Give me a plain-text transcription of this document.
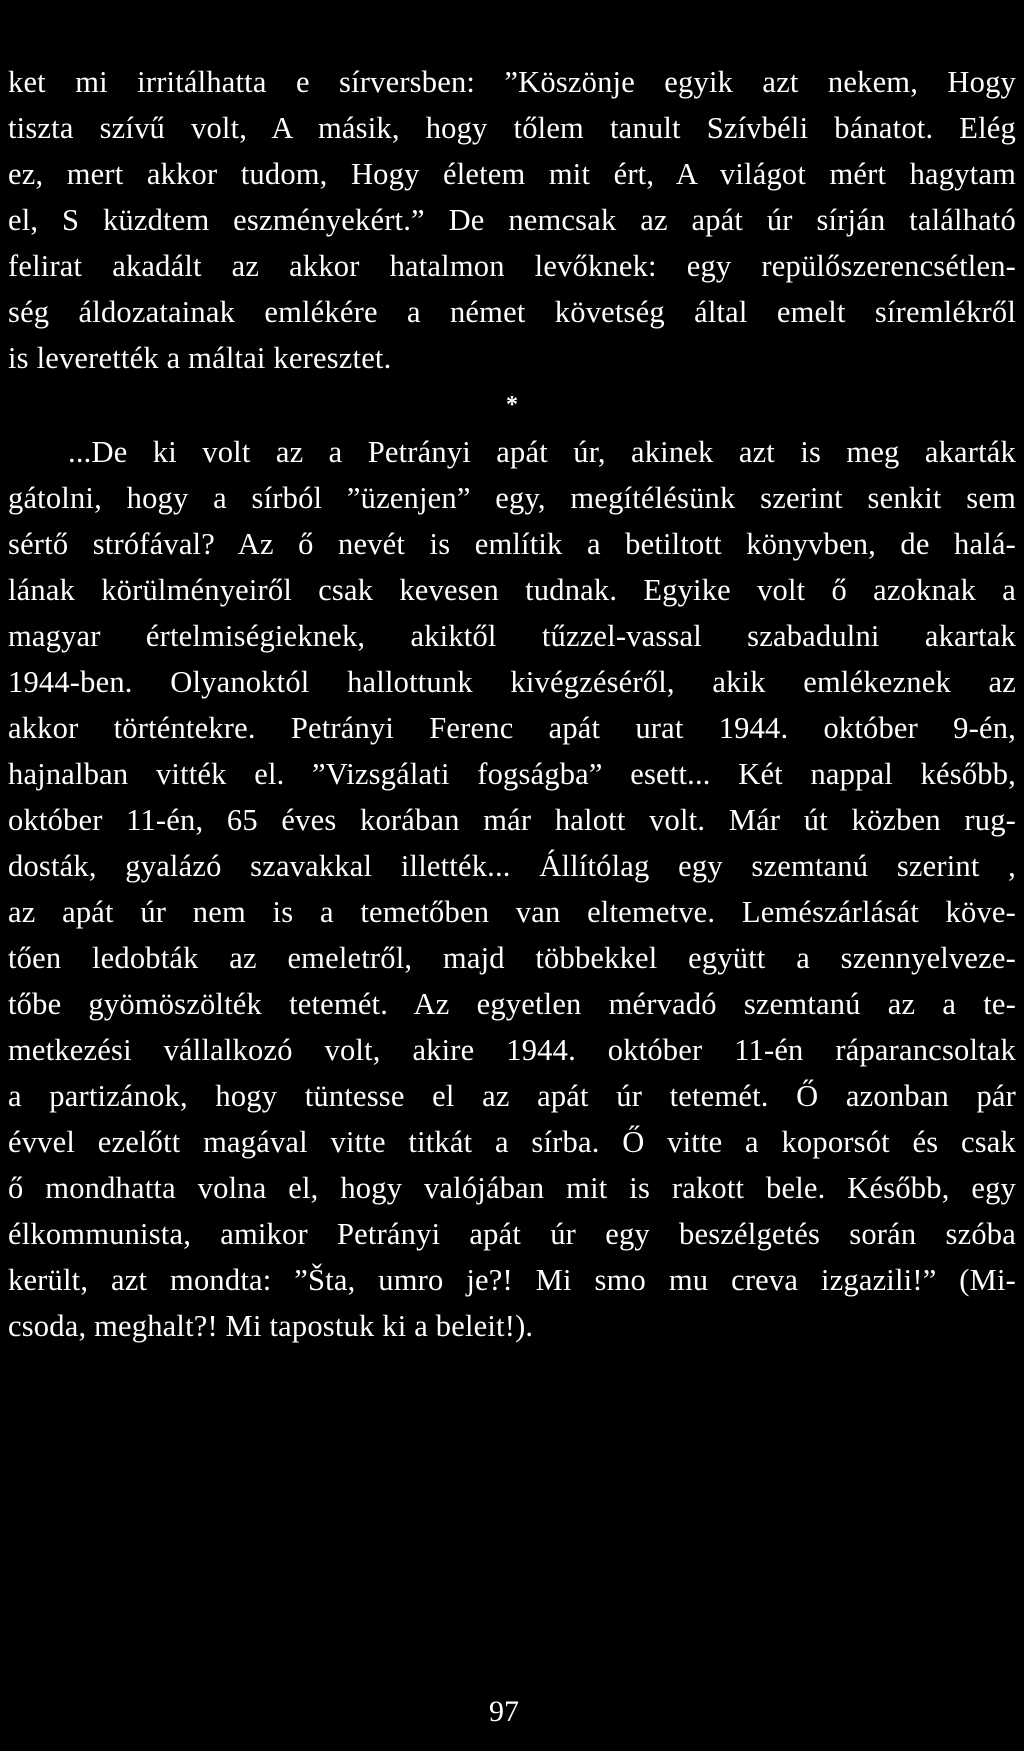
ket mi irritálhatta e sírversben: ”Köszönje egyik azt nekem, Hogy
tiszta szívű volt, A másik, hogy tőlem tanult Szívbéli bánatot. Elég
ez, mert akkor tudom, Hogy életem mit ért, A világot mért hagytam
el, S küzdtem eszményekért.” De nemcsak az apát úr sírján található
felirat akadált az akkor hatalmon levőknek: egy repülőszerencsétlen-
ség áldozatainak emlékére a német követség által emelt síremlékről
is leverették a máltai keresztet.
*
...De ki volt az a Petrányi apát úr, akinek azt is meg akarták
gátolni, hogy a sírból ”üzenjen” egy, megítélésünk szerint senkit sem
sértő strófával? Az ő nevét is említik a betiltott könyvben, de halá-
lának körülményeiről csak kevesen tudnak. Egyike volt ő azoknak a
magyar értelmiségieknek, akiktől tűzzel-vassal szabadulni akartak
1944-ben. Olyanoktól hallottunk kivégzéséről, akik emlékeznek az
akkor történtekre. Petrányi Ferenc apát urat 1944. október 9-én,
hajnalban vitték el. ”Vizsgálati fogságba” esett... Két nappal később,
október 11-én, 65 éves korában már halott volt. Már út közben rug-
dosták, gyalázó szavakkal illették... Állítólag egy szemtanú szerint ,
az apát úr nem is a temetőben van eltemetve. Lemészárlását köve-
tően ledobták az emeletről, majd többekkel együtt a szennyelveze-
tőbe gyömöszölték tetemét. Az egyetlen mérvadó szemtanú az a te-
metkezési vállalkozó volt, akire 1944. október 11-én ráparancsoltak
a partizánok, hogy tüntesse el az apát úr tetemét. Ő azonban pár
évvel ezelőtt magával vitte titkát a sírba. Ő vitte a koporsót és csak
ő mondhatta volna el, hogy valójában mit is rakott bele. Később, egy
élkommunista, amikor Petrányi apát úr egy beszélgetés során szóba
került, azt mondta: ”Šta, umro je?! Mi smo mu creva izgazili!” (Mi-
csoda, meghalt?! Mi tapostuk ki a beleit!).
97
